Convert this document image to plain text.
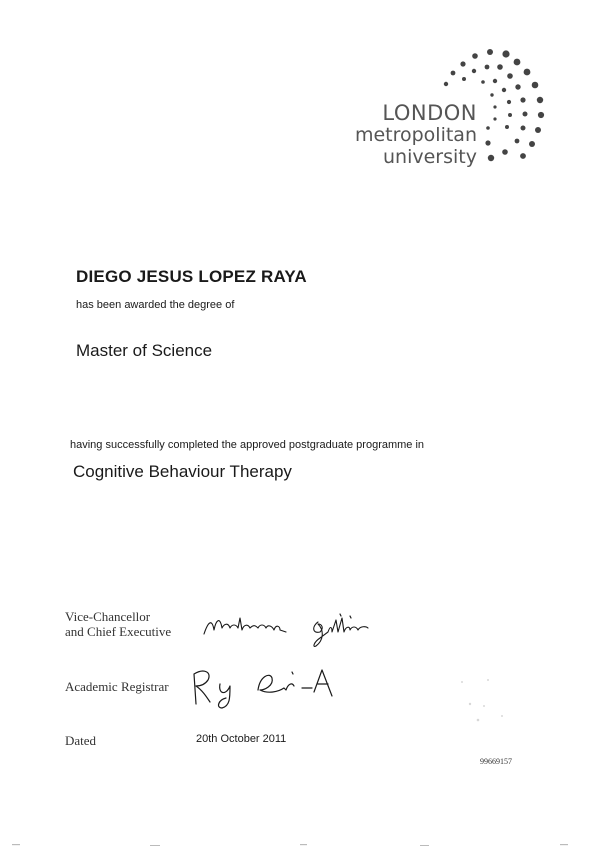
LONDON
metropolitan
university
DIEGO JESUS LOPEZ RAYA
has been awarded the degree of
Master of Science
having successfully completed the approved postgraduate programme in
Cognitive Behaviour Therapy
Vice-Chancellor
and Chief Executive
Academic Registrar
Dated	20th October 2011
99669157
